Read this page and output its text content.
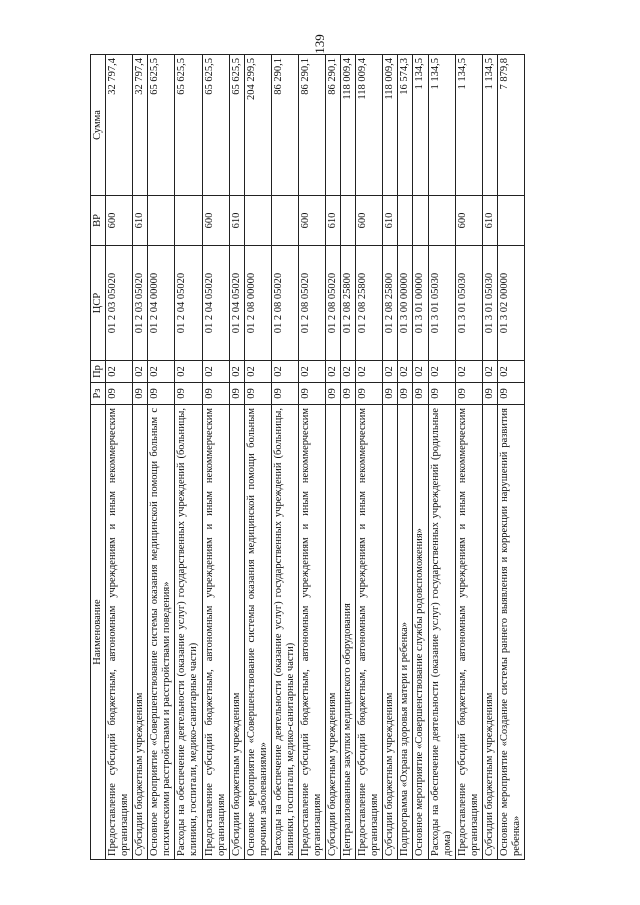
139
Наименование	Рз	Пр	ЦСР	ВР	Сумма
Предоставление субсидий бюджетным, автономным учреждениям и иным некоммерческим организациям	09	02	01 2 03 05020	600	32 797,4
Субсидии бюджетным учреждениям	09	02	01 2 03 05020	610	32 797,4
Основное мероприятие «Совершенствование системы оказания медицинской помощи больным с психическими расстройствами и расстройствами поведения»	09	02	01 2 04 00000		65 625,5
Расходы на обеспечение деятельности (оказание услуг) государственных учреждений (больницы, клиники, госпитали, медико-санитарные части)	09	02	01 2 04 05020		65 625,5
Предоставление субсидий бюджетным, автономным учреждениям и иным некоммерческим организациям	09	02	01 2 04 05020	600	65 625,5
Субсидии бюджетным учреждениям	09	02	01 2 04 05020	610	65 625,5
Основное мероприятие «Совершенствование системы оказания медицинской помощи больным прочими заболеваниями»	09	02	01 2 08 00000		204 299,5
Расходы на обеспечение деятельности (оказание услуг) государственных учреждений (больницы, клиники, госпитали, медико-санитарные части)	09	02	01 2 08 05020		86 290,1
Предоставление субсидий бюджетным, автономным учреждениям и иным некоммерческим организациям	09	02	01 2 08 05020	600	86 290,1
Субсидии бюджетным учреждениям	09	02	01 2 08 05020	610	86 290,1
Централизованные закупки медицинского оборудования	09	02	01 2 08 25800		118 009,4
Предоставление субсидий бюджетным, автономным учреждениям и иным некоммерческим организациям	09	02	01 2 08 25800	600	118 009,4
Субсидии бюджетным учреждениям	09	02	01 2 08 25800	610	118 009,4
Подпрограмма «Охрана здоровья матери и ребенка»	09	02	01 3 00 00000		16 574,3
Основное мероприятие «Совершенствование службы родовспоможения»	09	02	01 3 01 00000		1 134,5
Расходы на обеспечение деятельности (оказание услуг) государственных учреждений (родильные дома)	09	02	01 3 01 05030		1 134,5
Предоставление субсидий бюджетным, автономным учреждениям и иным некоммерческим организациям	09	02	01 3 01 05030	600	1 134,5
Субсидии бюджетным учреждениям	09	02	01 3 01 05030	610	1 134,5
Основное мероприятие «Создание системы раннего выявления и коррекции нарушений развития ребенка»	09	02	01 3 02 00000		7 879,8
